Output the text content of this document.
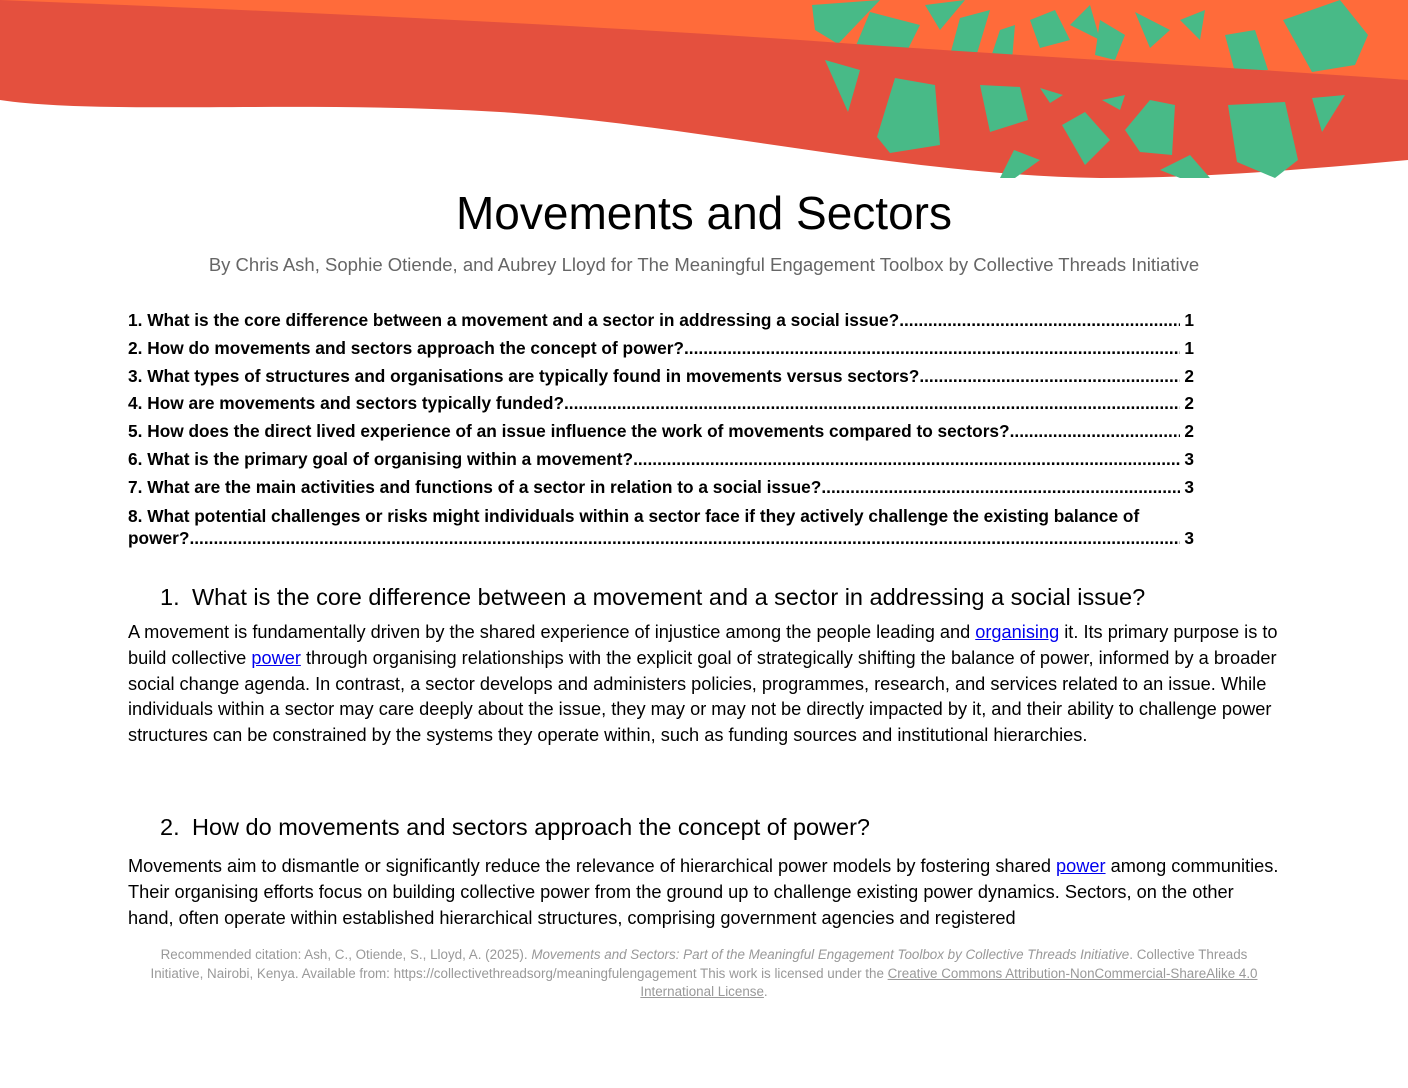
Movements and Sectors

By Chris Ash, Sophie Otiende, and Aubrey Lloyd for The Meaningful Engagement Toolbox by Collective Threads Initiative

1. What is the core difference between a movement and a sector in addressing a social issue? .....	1
2. How do movements and sectors approach the concept of power? .....	1
3. What types of structures and organisations are typically found in movements versus sectors? .....	2
4. How are movements and sectors typically funded? .....	2
5. How does the direct lived experience of an issue influence the work of movements compared to sectors? .....	2
6. What is the primary goal of organising within a movement? .....	3
7. What are the main activities and functions of a sector in relation to a social issue? .....	3
8. What potential challenges or risks might individuals within a sector face if they actively challenge the existing balance of
power? .....	3
1. What is the core difference between a movement and a sector in addressing a social issue?

A movement is fundamentally driven by the shared experience of injustice among the people leading and organising it. Its primary purpose is to build collective power through organising relationships with the explicit goal of strategically shifting the balance of power, informed by a broader social change agenda. In contrast, a sector develops and administers policies, programmes, research, and services related to an issue. While individuals within a sector may care deeply about the issue, they may or may not be directly impacted by it, and their ability to challenge power structures can be constrained by the systems they operate within, such as funding sources and institutional hierarchies.

2. How do movements and sectors approach the concept of power?

Movements aim to dismantle or significantly reduce the relevance of hierarchical power models by fostering shared power among communities. Their organising efforts focus on building collective power from the ground up to challenge existing power dynamics. Sectors, on the other hand, often operate within established hierarchical structures, comprising government agencies and registered

Recommended citation: Ash, C., Otiende, S., Lloyd, A. (2025). Movements and Sectors: Part of the Meaningful Engagement Toolbox by Collective Threads Initiative. Collective Threads Initiative, Nairobi, Kenya. Available from: https://collectivethreadsorg/meaningfulengagement This work is licensed under the Creative Commons Attribution-NonCommercial-ShareAlike 4.0 International License.
